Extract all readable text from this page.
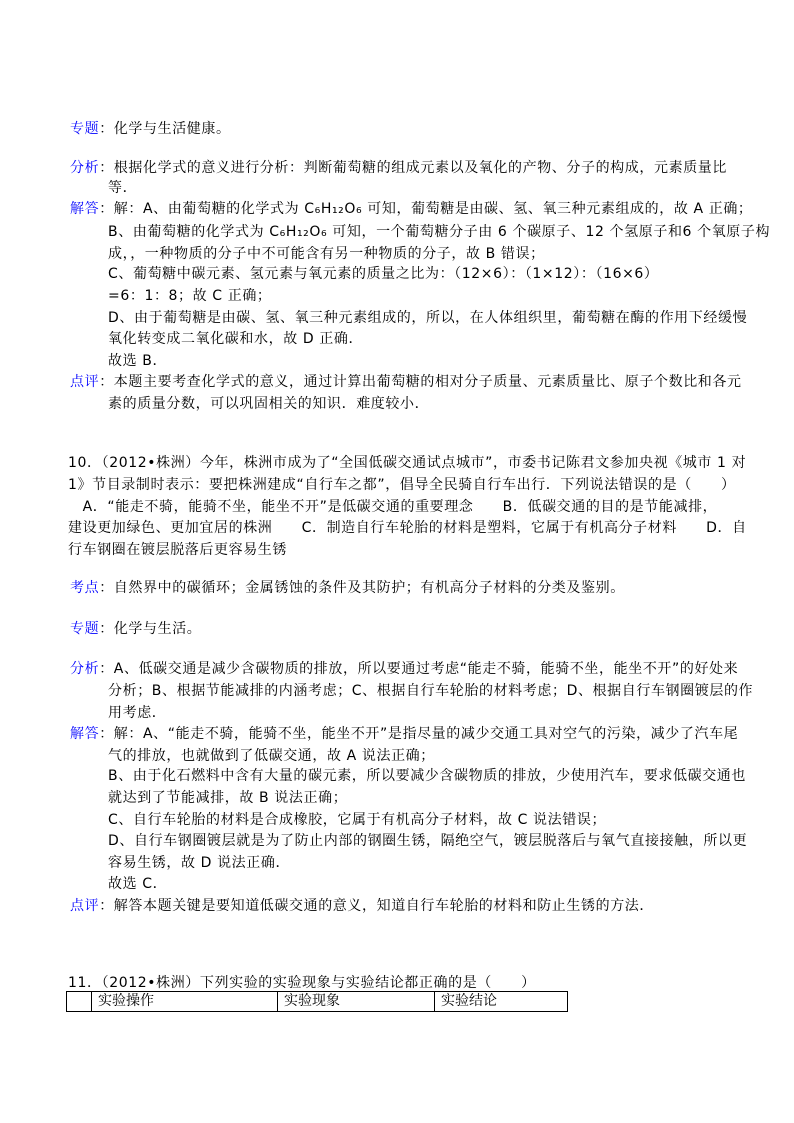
专题：化学与生活健康。
分析：根据化学式的意义进行分析：判断葡萄糖的组成元素以及氧化的产物、分子的构成，元素质量比
等．
解答：解：A、由葡萄糖的化学式为 C₆H₁₂O₆ 可知，葡萄糖是由碳、氢、氧三种元素组成的，故 A 正确；
B、由葡萄糖的化学式为 C₆H₁₂O₆ 可知，一个葡萄糖分子由 6 个碳原子、12 个氢原子和6 个氧原子构
成，，一种物质的分子中不可能含有另一种物质的分子，故 B 错误；
C、葡萄糖中碳元素、氢元素与氧元素的质量之比为：（12×6）：（1×12）：（16×6）
=6：1：8；故 C 正确；
D、由于葡萄糖是由碳、氢、氧三种元素组成的，所以，在人体组织里，葡萄糖在酶的作用下经缓慢
氧化转变成二氧化碳和水，故 D 正确．
故选 B．
点评：本题主要考查化学式的意义，通过计算出葡萄糖的相对分子质量、元素质量比、原子个数比和各元
素的质量分数，可以巩固相关的知识．难度较小．
10．（2012•株洲）今年，株洲市成为了“全国低碳交通试点城市”，市委书记陈君文参加央视《城市 1 对
1》节目录制时表示：要把株洲建成“自行车之都”，倡导全民骑自行车出行．下列说法错误的是（　　）
　A．“能走不骑，能骑不坐，能坐不开”是低碳交通的重要理念　　B．低碳交通的目的是节能减排，
建设更加绿色、更加宜居的株洲　　C．制造自行车轮胎的材料是塑料，它属于有机高分子材料　　D．自
行车钢圈在镀层脱落后更容易生锈
考点：自然界中的碳循环；金属锈蚀的条件及其防护；有机高分子材料的分类及鉴别。
专题：化学与生活。
分析：A、低碳交通是减少含碳物质的排放，所以要通过考虑“能走不骑，能骑不坐，能坐不开”的好处来
分析；B、根据节能减排的内涵考虑；C、根据自行车轮胎的材料考虑；D、根据自行车钢圈镀层的作
用考虑．
解答：解：A、“能走不骑，能骑不坐，能坐不开”是指尽量的减少交通工具对空气的污染，减少了汽车尾
气的排放，也就做到了低碳交通，故 A 说法正确；
B、由于化石燃料中含有大量的碳元素，所以要减少含碳物质的排放，少使用汽车，要求低碳交通也
就达到了节能减排，故 B 说法正确；
C、自行车轮胎的材料是合成橡胶，它属于有机高分子材料，故 C 说法错误；
D、自行车钢圈镀层就是为了防止内部的钢圈生锈，隔绝空气，镀层脱落后与氧气直接接触，所以更
容易生锈，故 D 说法正确．
故选 C．
点评：解答本题关键是要知道低碳交通的意义，知道自行车轮胎的材料和防止生锈的方法．
11．（2012•株洲）下列实验的实验现象与实验结论都正确的是（　　）
实验操作	实验现象	实验结论
